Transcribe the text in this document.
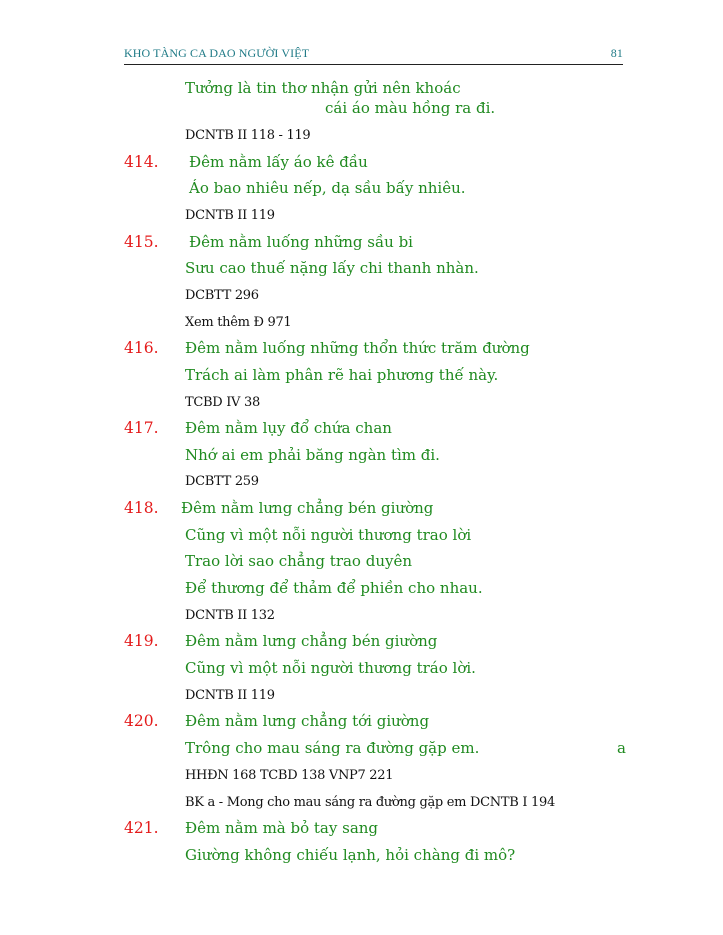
KHO TÀNG CA DAO NGƯỜI VIỆT	81
Tưởng là tin thơ nhận gửi nên khoác
cái áo màu hồng ra đi.
DCNTB II 118 - 119
414. Đêm nằm lấy áo kê đầu
Áo bao nhiêu nếp, dạ sầu bấy nhiêu.
DCNTB II 119
415. Đêm nằm luống những sầu bi
Sưu cao thuế nặng lấy chi thanh nhàn.
DCBTT 296
Xem thêm Đ 971
416. Đêm nằm luống những thổn thức trăm đường
Trách ai làm phân rẽ hai phương thế này.
TCBD IV 38
417. Đêm nằm lụy đổ chứa chan
Nhớ ai em phải băng ngàn tìm đi.
DCBTT 259
418. Đêm nằm lưng chẳng bén giường
Cũng vì một nỗi người thương trao lời
Trao lời sao chẳng trao duyên
Để thương để thảm để phiền cho nhau.
DCNTB II 132
419. Đêm nằm lưng chẳng bén giường
Cũng vì một nỗi người thương tráo lời.
DCNTB II 119
420. Đêm nằm lưng chẳng tới giường
Trông cho mau sáng ra đường gặp em.	a
HHĐN 168 TCBD 138 VNP7 221
BK a - Mong cho mau sáng ra đường gặp em DCNTB I 194
421. Đêm nằm mà bỏ tay sang
Giường không chiếu lạnh, hỏi chàng đi mô?
